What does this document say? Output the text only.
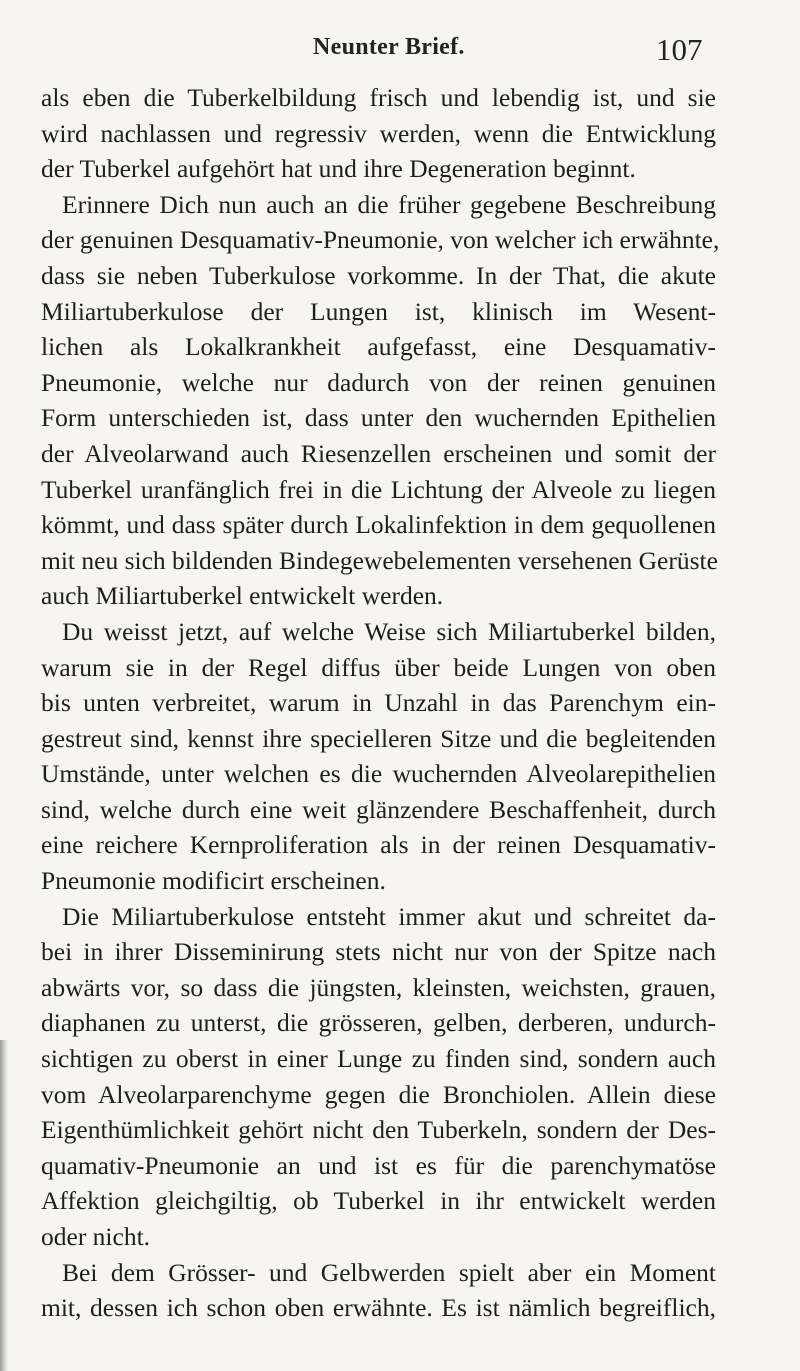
Neunter Brief.	107
als eben die Tuberkelbildung frisch und lebendig ist, und sie
wird nachlassen und regressiv werden, wenn die Entwicklung
der Tuberkel aufgehört hat und ihre Degeneration beginnt.
Erinnere Dich nun auch an die früher gegebene Beschreibung
der genuinen Desquamativ-Pneumonie, von welcher ich erwähnte,
dass sie neben Tuberkulose vorkomme. In der That, die akute
Miliartuberkulose der Lungen ist, klinisch im Wesent-
lichen als Lokalkrankheit aufgefasst, eine Desquamativ-
Pneumonie, welche nur dadurch von der reinen genuinen
Form unterschieden ist, dass unter den wuchernden Epithelien
der Alveolarwand auch Riesenzellen erscheinen und somit der
Tuberkel uranfänglich frei in die Lichtung der Alveole zu liegen
kömmt, und dass später durch Lokalinfektion in dem gequollenen
mit neu sich bildenden Bindegewebelementen versehenen Gerüste
auch Miliartuberkel entwickelt werden.
Du weisst jetzt, auf welche Weise sich Miliartuberkel bilden,
warum sie in der Regel diffus über beide Lungen von oben
bis unten verbreitet, warum in Unzahl in das Parenchym ein-
gestreut sind, kennst ihre specielleren Sitze und die begleitenden
Umstände, unter welchen es die wuchernden Alveolarepithelien
sind, welche durch eine weit glänzendere Beschaffenheit, durch
eine reichere Kernproliferation als in der reinen Desquamativ-
Pneumonie modificirt erscheinen.
Die Miliartuberkulose entsteht immer akut und schreitet da-
bei in ihrer Disseminirung stets nicht nur von der Spitze nach
abwärts vor, so dass die jüngsten, kleinsten, weichsten, grauen,
diaphanen zu unterst, die grösseren, gelben, derberen, undurch-
sichtigen zu oberst in einer Lunge zu finden sind, sondern auch
vom Alveolarparenchyme gegen die Bronchiolen. Allein diese
Eigenthümlichkeit gehört nicht den Tuberkeln, sondern der Des-
quamativ-Pneumonie an und ist es für die parenchymatöse
Affektion gleichgiltig, ob Tuberkel in ihr entwickelt werden
oder nicht.
Bei dem Grösser- und Gelbwerden spielt aber ein Moment
mit, dessen ich schon oben erwähnte. Es ist nämlich begreiflich,
